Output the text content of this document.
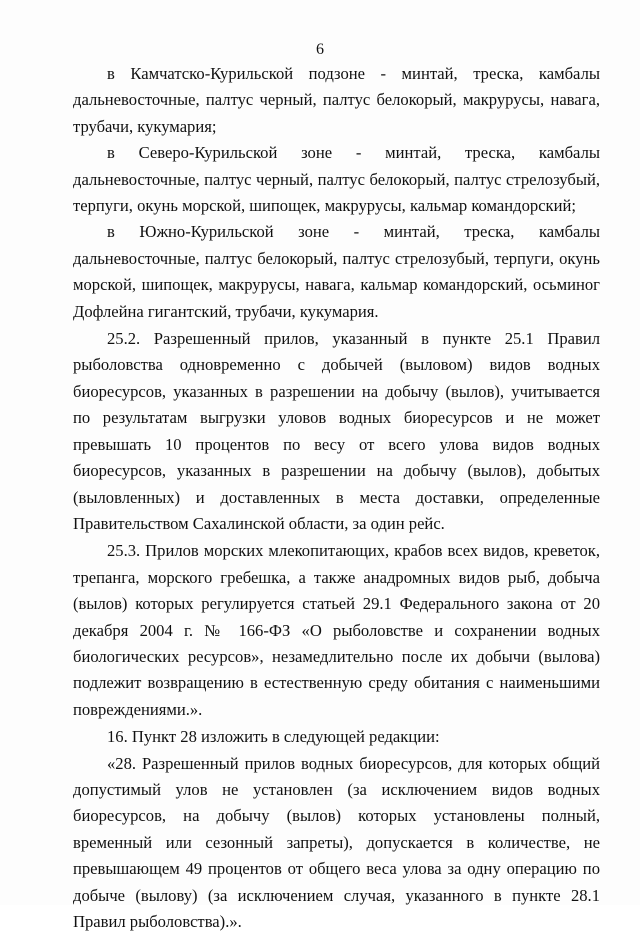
6

в Камчатско-Курильской подзоне - минтай, треска, камбалы дальневосточные, палтус черный, палтус белокорый, макрурусы, навага, трубачи, кукумария;

в Северо-Курильской зоне - минтай, треска, камбалы дальневосточные, палтус черный, палтус белокорый, палтус стрелозубый, терпуги, окунь морской, шипощек, макрурусы, кальмар командорский;

в Южно-Курильской зоне - минтай, треска, камбалы дальневосточные, палтус белокорый, палтус стрелозубый, терпуги, окунь морской, шипощек, макрурусы, навага, кальмар командорский, осьминог Дофлейна гигантский, трубачи, кукумария.

25.2. Разрешенный прилов, указанный в пункте 25.1 Правил рыболовства одновременно с добычей (выловом) видов водных биоресурсов, указанных в разрешении на добычу (вылов), учитывается по результатам выгрузки уловов водных биоресурсов и не может превышать 10 процентов по весу от всего улова видов водных биоресурсов, указанных в разрешении на добычу (вылов), добытых (выловленных) и доставленных в места доставки, определенные Правительством Сахалинской области, за один рейс.

25.3. Прилов морских млекопитающих, крабов всех видов, креветок, трепанга, морского гребешка, а также анадромных видов рыб, добыча (вылов) которых регулируется статьей 29.1 Федерального закона от 20 декабря 2004 г. № 166-ФЗ «О рыболовстве и сохранении водных биологических ресурсов», незамедлительно после их добычи (вылова) подлежит возвращению в естественную среду обитания с наименьшими повреждениями.».

16. Пункт 28 изложить в следующей редакции:

«28. Разрешенный прилов водных биоресурсов, для которых общий допустимый улов не установлен (за исключением видов водных биоресурсов, на добычу (вылов) которых установлены полный, временный или сезонный запреты), допускается в количестве, не превышающем 49 процентов от общего веса улова за одну операцию по добыче (вылову) (за исключением случая, указанного в пункте 28.1 Правил рыболовства).».
